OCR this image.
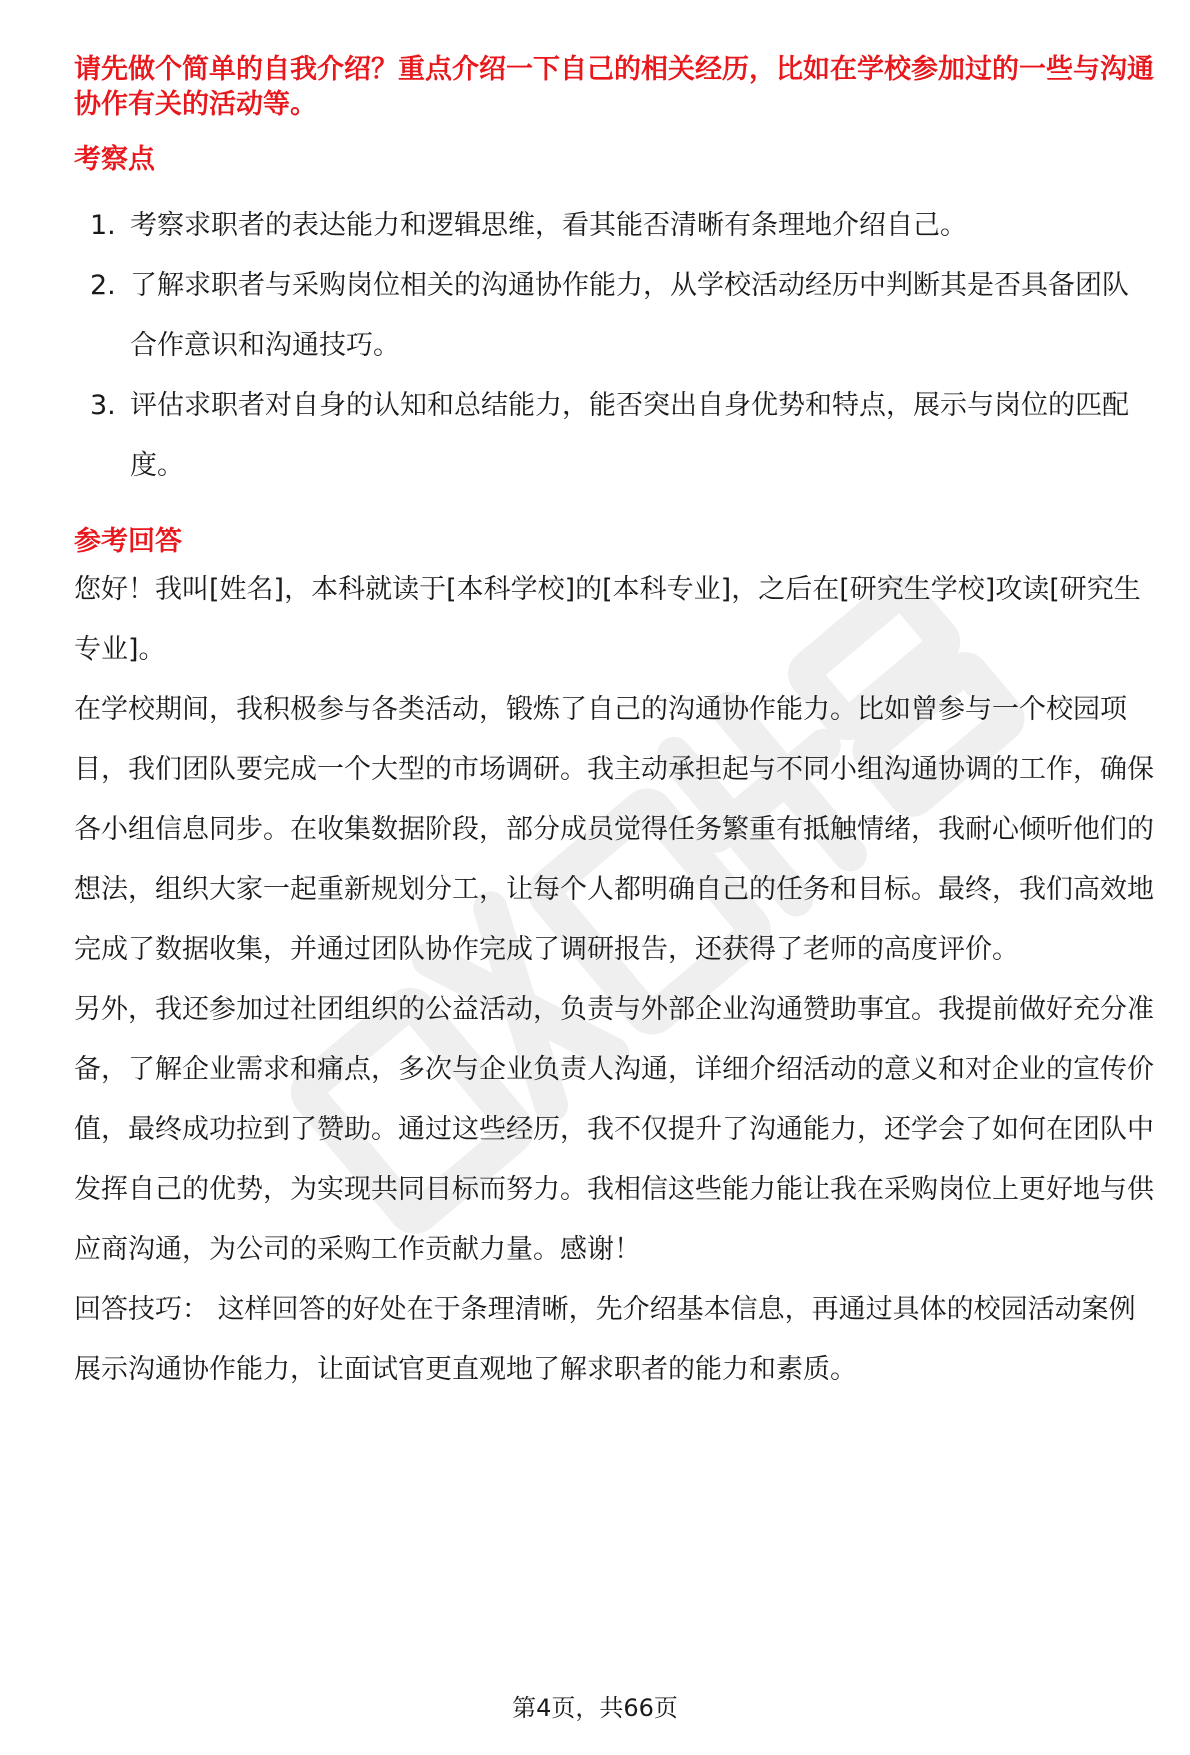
请先做个简单的自我介绍？重点介绍一下自己的相关经历，比如在学校参加过的一些与沟通协作有关的活动等。

考察点
1. 考察求职者的表达能力和逻辑思维，看其能否清晰有条理地介绍自己。
2. 了解求职者与采购岗位相关的沟通协作能力，从学校活动经历中判断其是否具备团队合作意识和沟通技巧。
3. 评估求职者对自身的认知和总结能力，能否突出自身优势和特点，展示与岗位的匹配度。
参考回答

您好！我叫[姓名]，本科就读于[本科学校]的[本科专业]，之后在[研究生学校]攻读[研究生专业]。

在学校期间，我积极参与各类活动，锻炼了自己的沟通协作能力。比如曾参与一个校园项目，我们团队要完成一个大型的市场调研。我主动承担起与不同小组沟通协调的工作，确保各小组信息同步。在收集数据阶段，部分成员觉得任务繁重有抵触情绪，我耐心倾听他们的想法，组织大家一起重新规划分工，让每个人都明确自己的任务和目标。最终，我们高效地完成了数据收集，并通过团队协作完成了调研报告，还获得了老师的高度评价。

另外，我还参加过社团组织的公益活动，负责与外部企业沟通赞助事宜。我提前做好充分准备，了解企业需求和痛点，多次与企业负责人沟通，详细介绍活动的意义和对企业的宣传价值，最终成功拉到了赞助。通过这些经历，我不仅提升了沟通能力，还学会了如何在团队中发挥自己的优势，为实现共同目标而努力。我相信这些能力能让我在采购岗位上更好地与供应商沟通，为公司的采购工作贡献力量。感谢！

回答技巧： 这样回答的好处在于条理清晰，先介绍基本信息，再通过具体的校园活动案例展示沟通协作能力，让面试官更直观地了解求职者的能力和素质。

第4页，共66页
